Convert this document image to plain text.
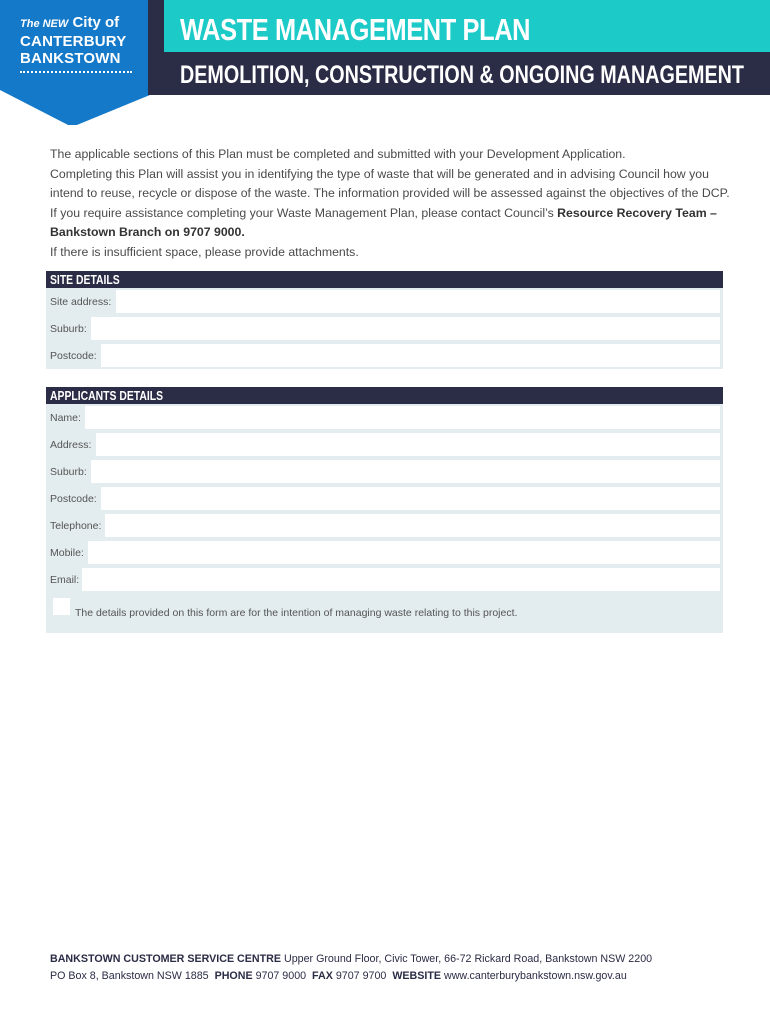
The NEW City of
CANTERBURY
BANKSTOWN
WASTE MANAGEMENT PLAN
DEMOLITION, CONSTRUCTION & ONGOING MANAGEMENT

The applicable sections of this Plan must be completed and submitted with your Development Application.

Completing this Plan will assist you in identifying the type of waste that will be generated and in advising Council how you intend to reuse, recycle or dispose of the waste. The information provided will be assessed against the objectives of the DCP. If you require assistance completing your Waste Management Plan, please contact Council’s Resource Recovery Team – Bankstown Branch on 9707 9000.

If there is insufficient space, please provide attachments.

SITE DETAILS
Site address:
Suburb:
Postcode:
APPLICANTS DETAILS
Name:
Address:
Suburb:
Postcode:
Telephone:
Mobile:
Email:
The details provided on this form are for the intention of managing waste relating to this project.
BANKSTOWN CUSTOMER SERVICE CENTRE Upper Ground Floor, Civic Tower, 66-72 Rickard Road, Bankstown NSW 2200
PO Box 8, Bankstown NSW 1885 PHONE 9707 9000 FAX 9707 9700 WEBSITE www.canterburybankstown.nsw.gov.au
